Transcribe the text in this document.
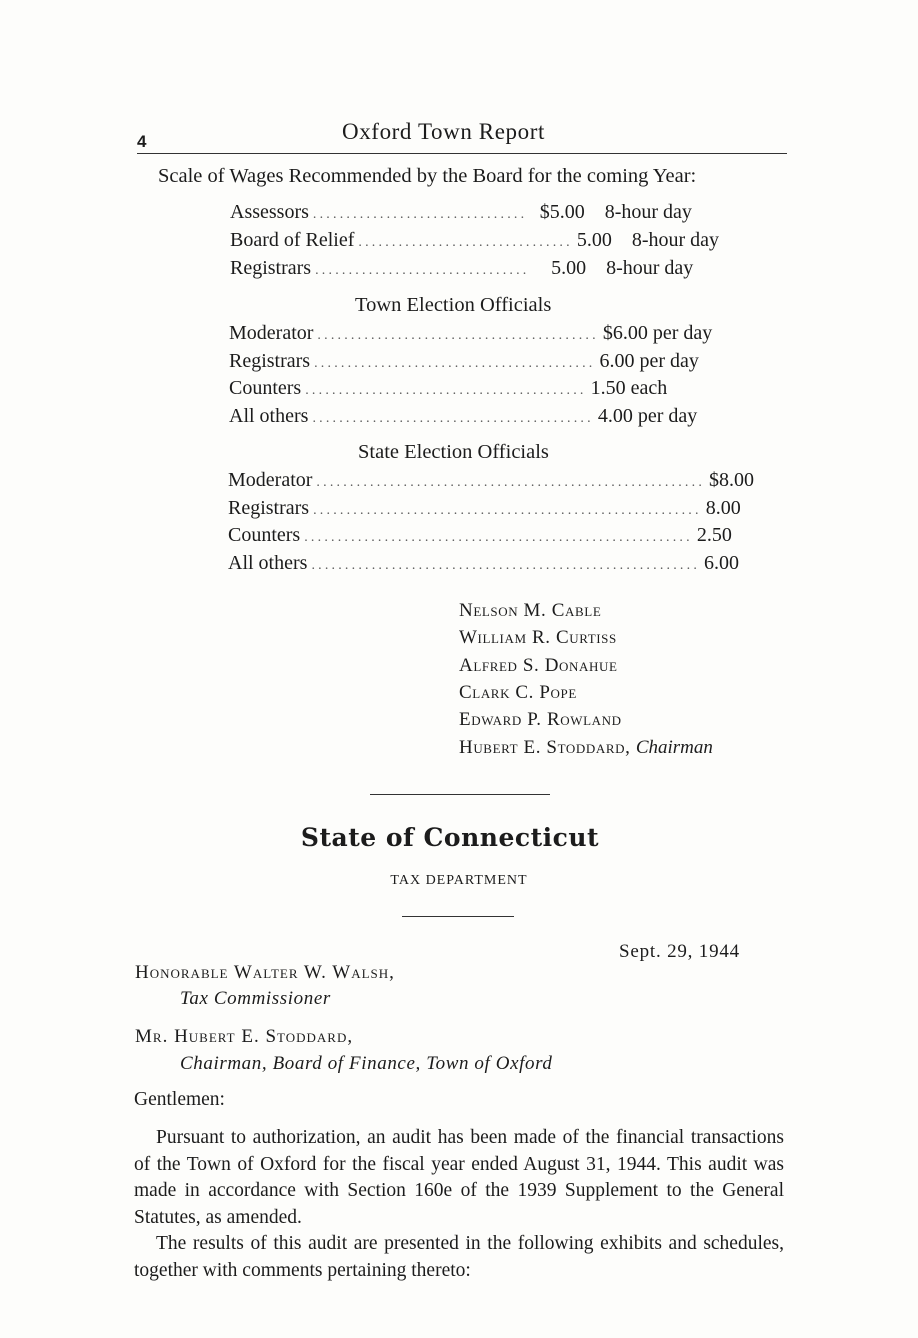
4	Oxford Town Report
Scale of Wages Recommended by the Board for the coming Year:
Assessors ................................ $5.00 8-hour day
Board of Relief ................................ 5.00 8-hour day
Registrars ................................	5.00 8-hour day
Town Election Officials
Moderator .......................................... $6.00 per day
Registrars .......................................... 6.00 per day
Counters .......................................... 1.50 each
All others .......................................... 4.00 per day
State Election Officials
Moderator .......................................................... $8.00
Registrars .......................................................... 8.00
Counters .......................................................... 2.50
All others .......................................................... 6.00
Nelson M. Cable
William R. Curtiss
Alfred S. Donahue
Clark C. Pope
Edward P. Rowland
Hubert E. Stoddard, Chairman
State of Connecticut
TAX DEPARTMENT
Sept. 29, 1944
Honorable Walter W. Walsh,
Tax Commissioner
Mr. Hubert E. Stoddard,
Chairman, Board of Finance, Town of Oxford
Gentlemen:

Pursuant to authorization, an audit has been made of the financial transactions of the Town of Oxford for the fiscal year ended August 31, 1944. This audit was made in accordance with Section 160e of the 1939 Supplement to the General Statutes, as amended.

The results of this audit are presented in the following exhibits and schedules, together with comments pertaining thereto:
